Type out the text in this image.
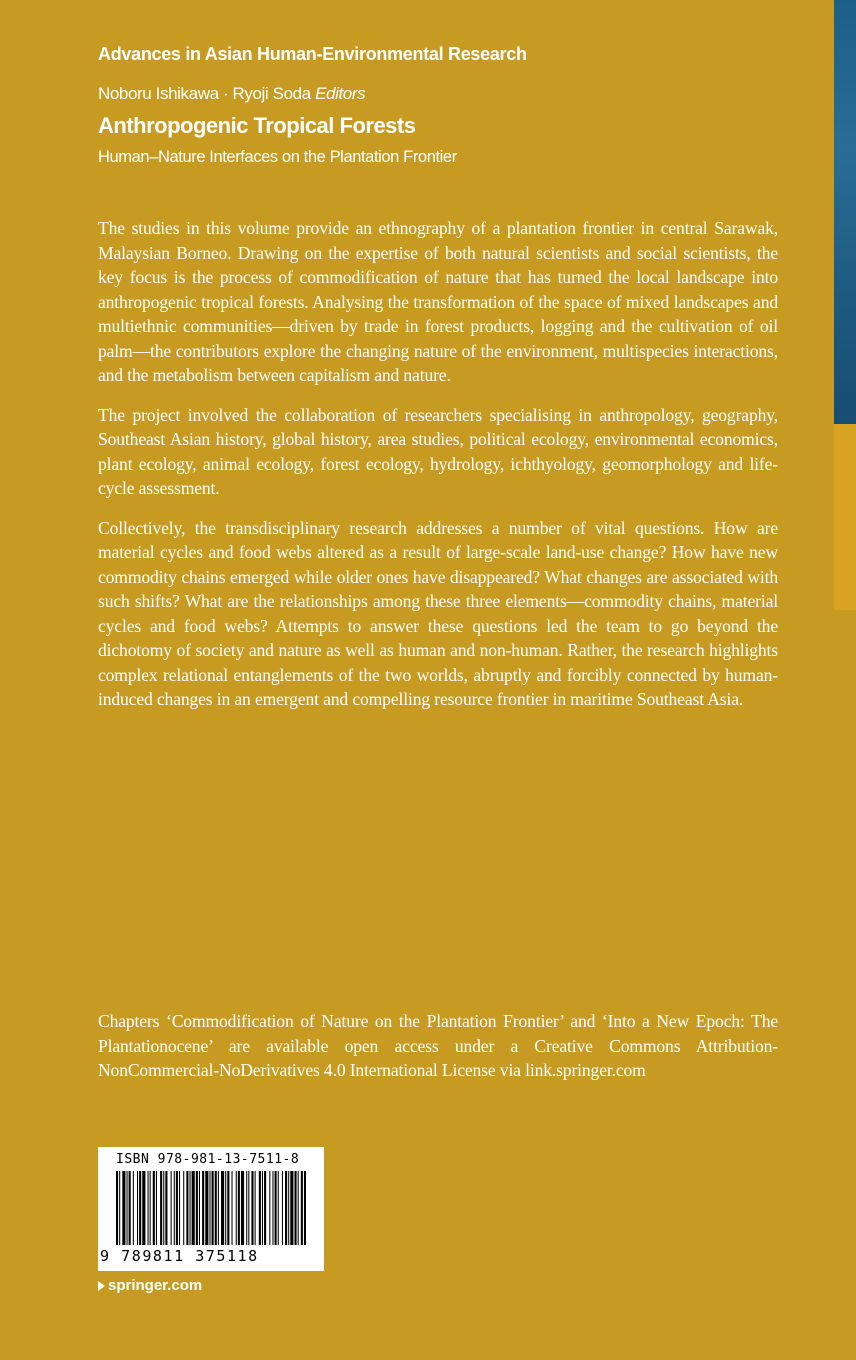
Advances in Asian Human-Environmental Research
Noboru Ishikawa · Ryoji Soda Editors
Anthropogenic Tropical Forests
Human–Nature Interfaces on the Plantation Frontier

The studies in this volume provide an ethnography of a plantation frontier in central Sarawak, Malaysian Borneo. Drawing on the expertise of both natural scientists and social scientists, the key focus is the process of commodification of nature that has turned the local landscape into anthropogenic tropical forests. Analysing the transformation of the space of mixed landscapes and multiethnic communities—driven by trade in forest products, logging and the cultivation of oil palm—the contributors explore the changing nature of the environment, multispecies interactions, and the metabolism between capitalism and nature.

The project involved the collaboration of researchers specialising in anthropology, geography, Southeast Asian history, global history, area studies, political ecology, environmental economics, plant ecology, animal ecology, forest ecology, hydrology, ichthyology, geomorphology and life-cycle assessment.

Collectively, the transdisciplinary research addresses a number of vital questions. How are material cycles and food webs altered as a result of large-scale land-use change? How have new commodity chains emerged while older ones have disappeared? What changes are associated with such shifts? What are the relationships among these three elements—commodity chains, material cycles and food webs? Attempts to answer these questions led the team to go beyond the dichotomy of society and nature as well as human and non-human. Rather, the research highlights complex relational entanglements of the two worlds, abruptly and forcibly connected by human-induced changes in an emergent and compelling resource frontier in maritime Southeast Asia.

Chapters ‘Commodification of Nature on the Plantation Frontier’ and ‘Into a New Epoch: The Plantationocene’ are available open access under a Creative Commons Attribution-NonCommercial-NoDerivatives 4.0 International License via link.springer.com

ISBN 978-981-13-7511-8
9 789811 375118
springer.com
